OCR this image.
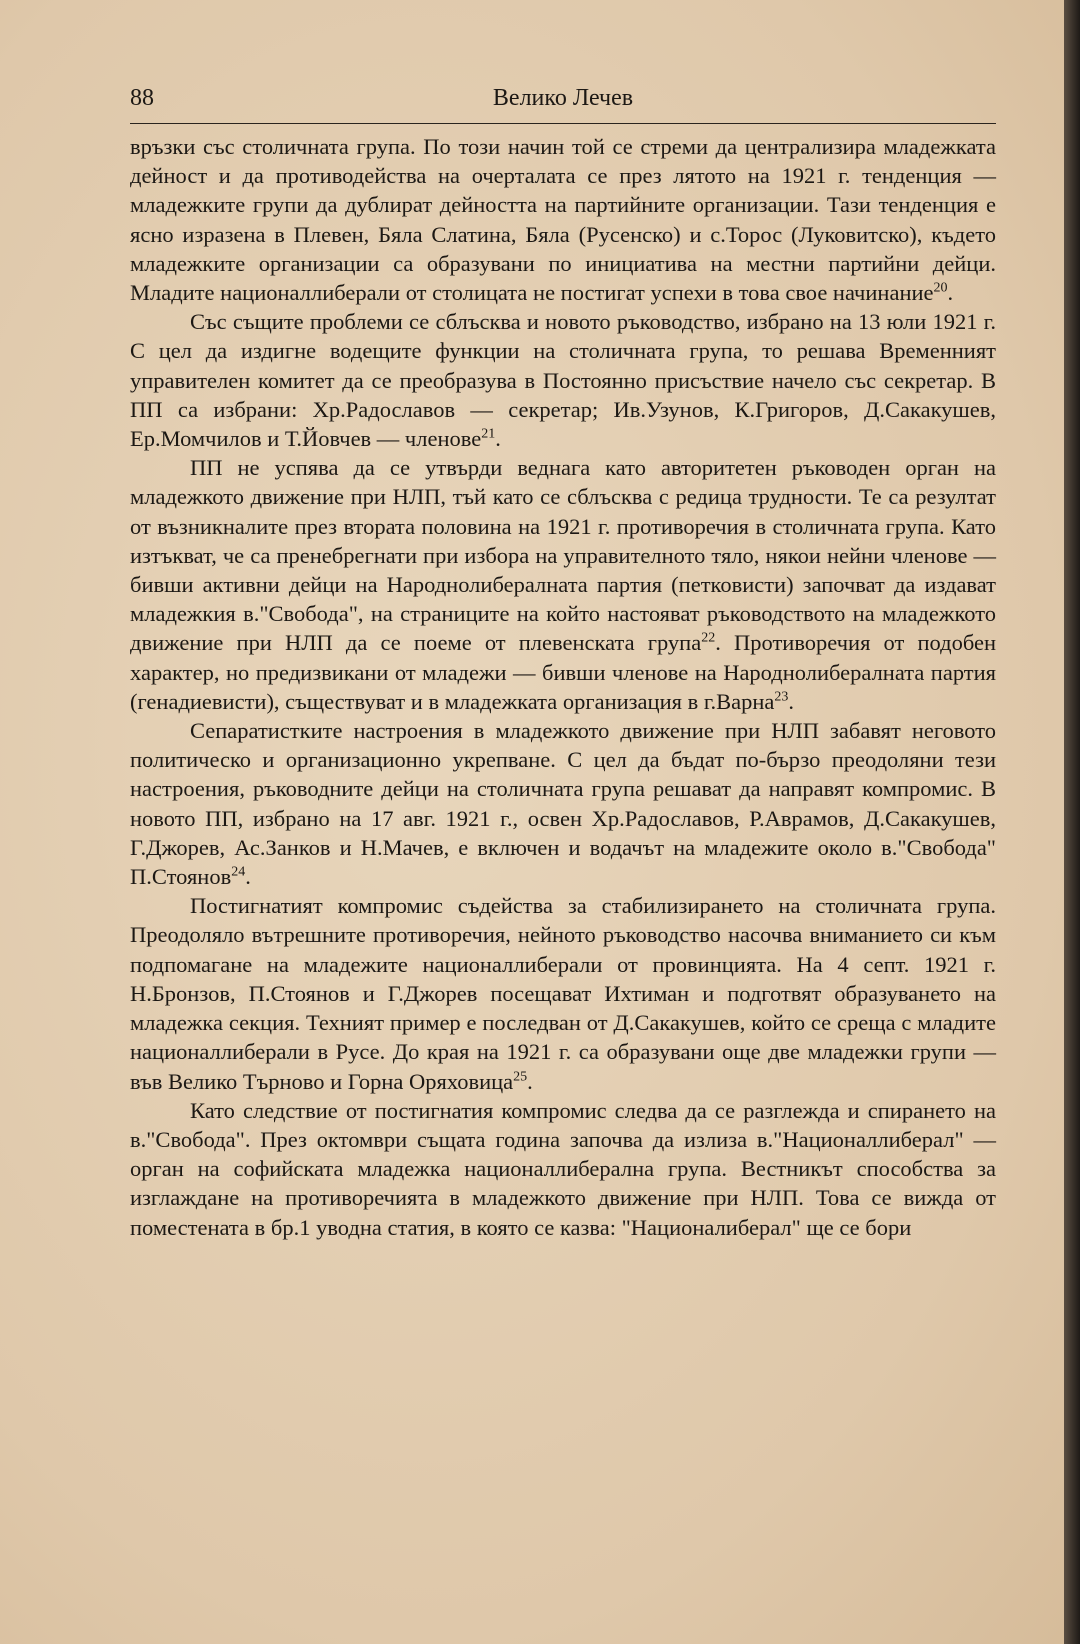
88	Велико Лечев

връзки със столичната група. По този начин той се стреми да централизира младежката дейност и да противодейства на очерталата се през лятото на 1921 г. тенденция — младежките групи да дублират дейността на партийните организации. Тази тенденция е ясно изразена в Плевен, Бяла Слатина, Бяла (Русенско) и с.Торос (Луковитско), където младежките организации са образувани по инициатива на местни партийни дейци. Младите националлиберали от столицата не постигат успехи в това свое начинание$^{20}$.

Със същите проблеми се сблъсква и новото ръководство, избрано на 13 юли 1921 г. С цел да издигне водещите функции на столичната група, то решава Временният управителен комитет да се преобразува в Постоянно присъствие начело със секретар. В ПП са избрани: Хр.Радославов — секретар; Ив.Узунов, К.Григоров, Д.Сакакушев, Ер.Момчилов и Т.Йовчев — членове$^{21}$.

ПП не успява да се утвърди веднага като авторитетен ръководен орган на младежкото движение при НЛП, тъй като се сблъсква с редица трудности. Те са резултат от възникналите през втората половина на 1921 г. противоречия в столичната група. Като изтъкват, че са пренебрегнати при избора на управителното тяло, някои нейни членове — бивши активни дейци на Народнолибералната партия (петковисти) започват да издават младежкия в."Свобода", на страниците на който настояват ръководството на младежкото движение при НЛП да се поеме от плевенската група$^{22}$. Противоречия от подобен характер, но предизвикани от младежи — бивши членове на Народнолибералната партия (генадиевисти), съществуват и в младежката организация в г.Варна$^{23}$.

Сепаратистките настроения в младежкото движение при НЛП забавят неговото политическо и организационно укрепване. С цел да бъдат по-бързо преодоляни тези настроения, ръководните дейци на столичната група решават да направят компромис. В новото ПП, избрано на 17 авг. 1921 г., освен Хр.Радославов, Р.Аврамов, Д.Сакакушев, Г.Джорев, Ас.Занков и Н.Мачев, е включен и водачът на младежите около в."Свобода" П.Стоянов$^{24}$.

Постигнатият компромис съдейства за стабилизирането на столичната група. Преодоляло вътрешните противоречия, нейното ръководство насочва вниманието си към подпомагане на младежите националлиберали от провинцията. На 4 септ. 1921 г. Н.Бронзов, П.Стоянов и Г.Джорев посещават Ихтиман и подготвят образуването на младежка секция. Техният пример е последван от Д.Сакакушев, който се среща с младите националлиберали в Русе. До края на 1921 г. са образувани още две младежки групи — във Велико Търново и Горна Оряховица$^{25}$.

Като следствие от постигнатия компромис следва да се разглежда и спирането на в."Свобода". През октомври същата година започва да излиза в."Националлиберал" — орган на софийската младежка националлиберална група. Вестникът способства за изглаждане на противоречията в младежкото движение при НЛП. Това се вижда от поместената в бр.1 уводна статия, в която се казва: "Националиберал" ще се бори
